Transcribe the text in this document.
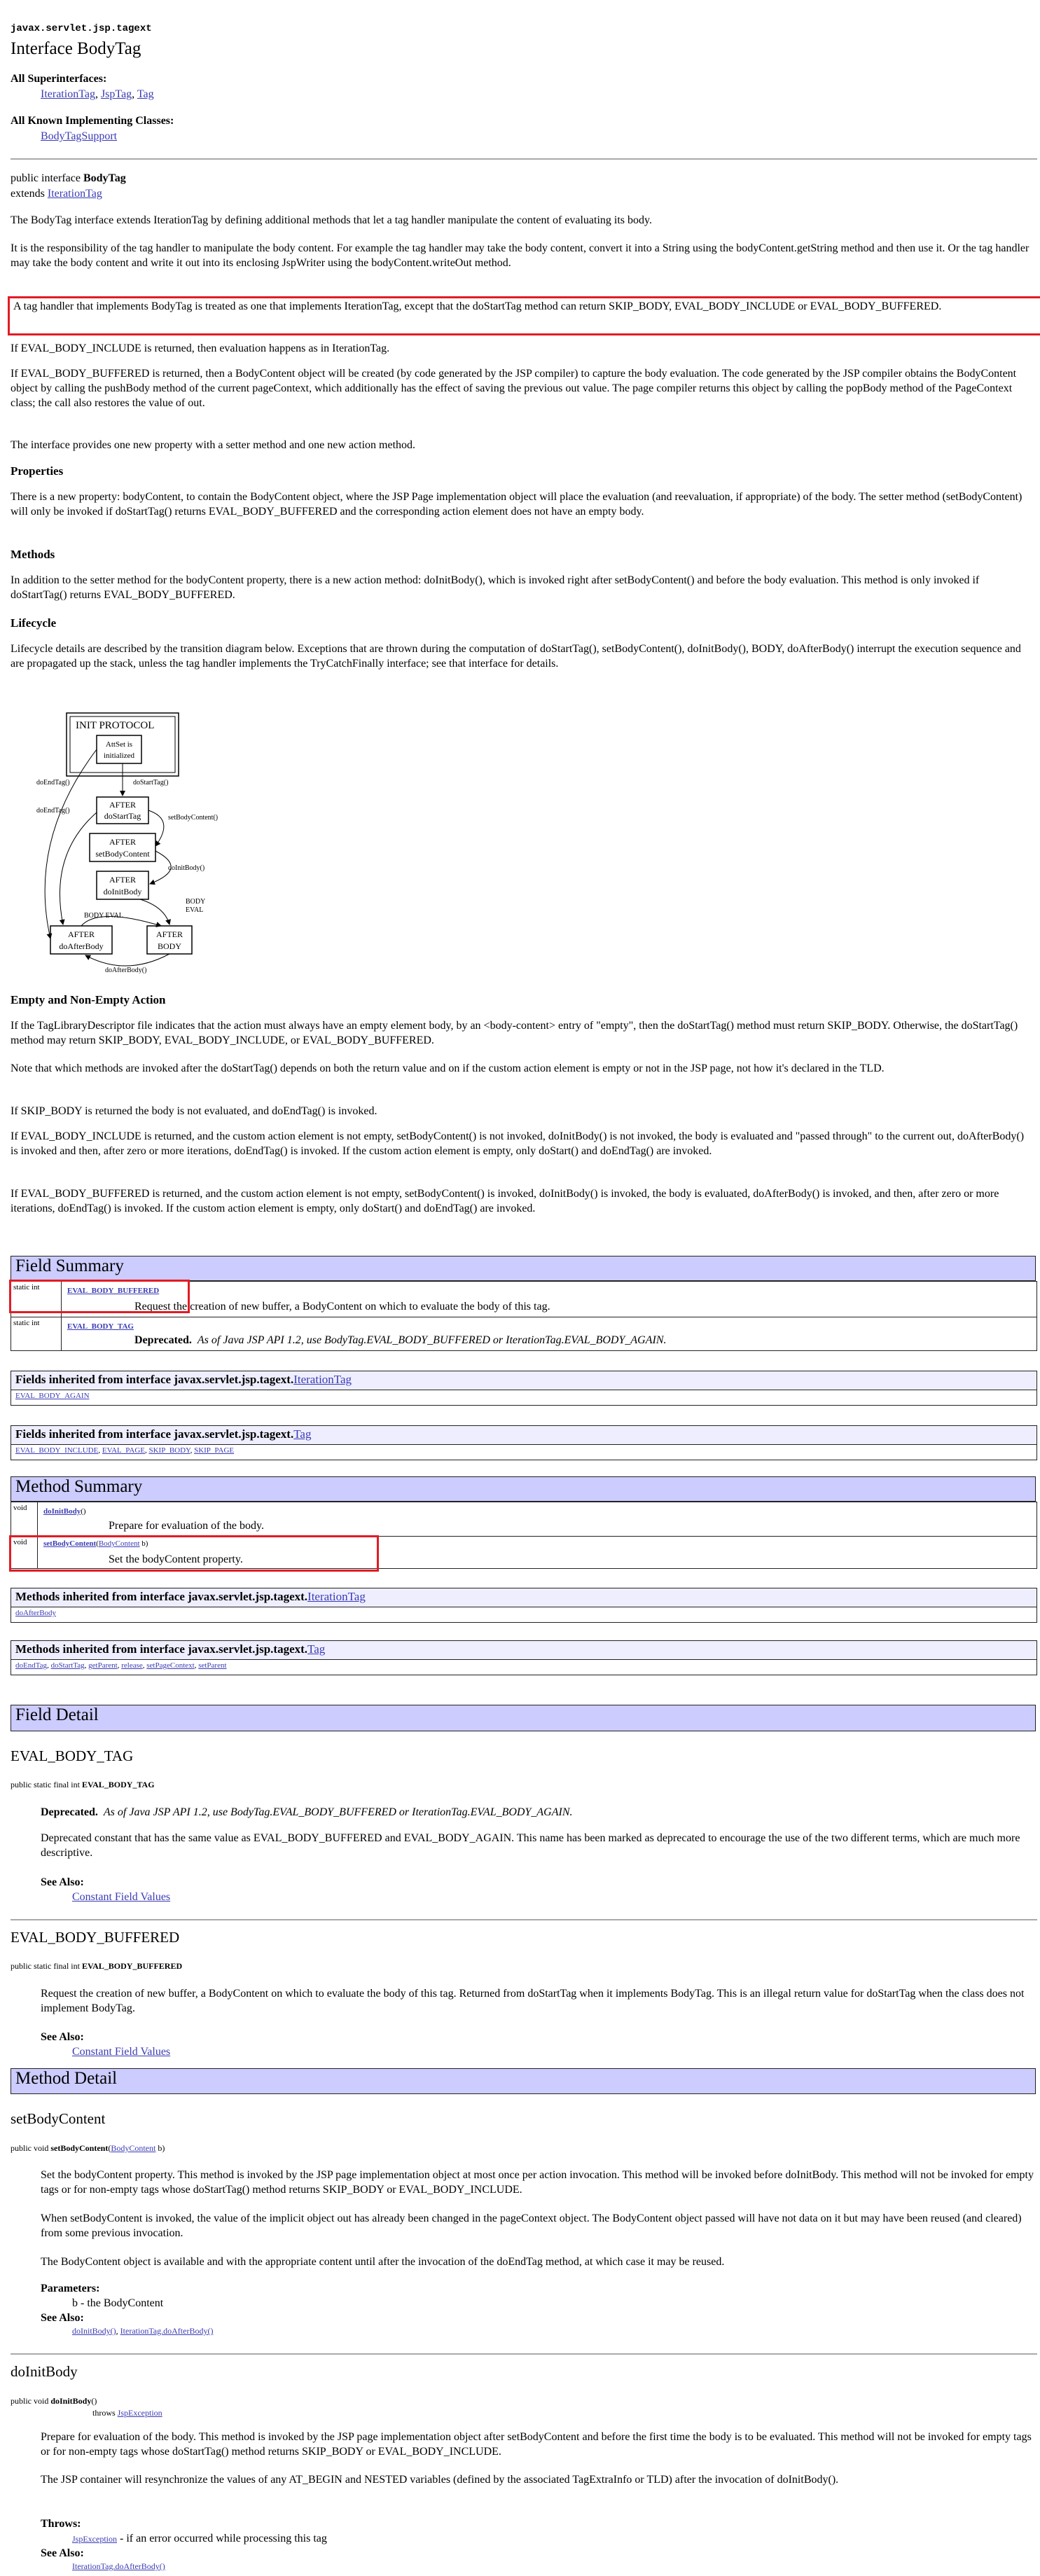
javax.servlet.jsp.tagext
Interface BodyTag
All Superinterfaces:
IterationTag, JspTag, Tag
All Known Implementing Classes:
BodyTagSupport
public interface BodyTag
extends IterationTag
The BodyTag interface extends IterationTag by defining additional methods that let a tag handler manipulate the content of evaluating its body.
It is the responsibility of the tag handler to manipulate the body content. For example the tag handler may take the body content, convert it into a String using the bodyContent.getString method and then use it. Or the tag handler may take the body content and write it out into its enclosing JspWriter using the bodyContent.writeOut method.
A tag handler that implements BodyTag is treated as one that implements IterationTag, except that the doStartTag method can return SKIP_BODY, EVAL_BODY_INCLUDE or EVAL_BODY_BUFFERED.
If EVAL_BODY_INCLUDE is returned, then evaluation happens as in IterationTag.
If EVAL_BODY_BUFFERED is returned, then a BodyContent object will be created (by code generated by the JSP compiler) to capture the body evaluation. The code generated by the JSP compiler obtains the BodyContent object by calling the pushBody method of the current pageContext, which additionally has the effect of saving the previous out value. The page compiler returns this object by calling the popBody method of the PageContext class; the call also restores the value of out.
The interface provides one new property with a setter method and one new action method.
Properties
There is a new property: bodyContent, to contain the BodyContent object, where the JSP Page implementation object will place the evaluation (and reevaluation, if appropriate) of the body. The setter method (setBodyContent) will only be invoked if doStartTag() returns EVAL_BODY_BUFFERED and the corresponding action element does not have an empty body.
Methods
In addition to the setter method for the bodyContent property, there is a new action method: doInitBody(), which is invoked right after setBodyContent() and before the body evaluation. This method is only invoked if doStartTag() returns EVAL_BODY_BUFFERED.
Lifecycle
Lifecycle details are described by the transition diagram below. Exceptions that are thrown during the computation of doStartTag(), setBodyContent(), doInitBody(), BODY, doAfterBody() interrupt the execution sequence and are propagated up the stack, unless the tag handler implements the TryCatchFinally interface; see that interface for details.
INIT PROTOCOL
AttSet is
initialized
AFTER
doStartTag
doStartTag()
AFTER
setBodyContent
setBodyContent()
AFTER
doInitBody
doInitBody()
AFTER
doAfterBody
AFTER
BODY
BODY
EVAL
BODY EVAL
doAfterBody()
doEndTag()
doEndTag()
Empty and Non-Empty Action
If the TagLibraryDescriptor file indicates that the action must always have an empty element body, by an <body-content> entry of "empty", then the doStartTag() method must return SKIP_BODY. Otherwise, the doStartTag() method may return SKIP_BODY, EVAL_BODY_INCLUDE, or EVAL_BODY_BUFFERED.
Note that which methods are invoked after the doStartTag() depends on both the return value and on if the custom action element is empty or not in the JSP page, not how it's declared in the TLD.
If SKIP_BODY is returned the body is not evaluated, and doEndTag() is invoked.
If EVAL_BODY_INCLUDE is returned, and the custom action element is not empty, setBodyContent() is not invoked, doInitBody() is not invoked, the body is evaluated and "passed through" to the current out, doAfterBody() is invoked and then, after zero or more iterations, doEndTag() is invoked. If the custom action element is empty, only doStart() and doEndTag() are invoked.
If EVAL_BODY_BUFFERED is returned, and the custom action element is not empty, setBodyContent() is invoked, doInitBody() is invoked, the body is evaluated, doAfterBody() is invoked, and then, after zero or more iterations, doEndTag() is invoked. If the custom action element is empty, only doStart() and doEndTag() are invoked.
Field Summary
static int	EVAL_BODY_BUFFERED
Request the creation of new buffer, a BodyContent on which to evaluate the body of this tag.
static int	EVAL_BODY_TAG
Deprecated. As of Java JSP API 1.2, use BodyTag.EVAL_BODY_BUFFERED or IterationTag.EVAL_BODY_AGAIN.
Fields inherited from interface javax.servlet.jsp.tagext.IterationTag
EVAL_BODY_AGAIN
Fields inherited from interface javax.servlet.jsp.tagext.Tag
EVAL_BODY_INCLUDE, EVAL_PAGE, SKIP_BODY, SKIP_PAGE
Method Summary
void	doInitBody()
Prepare for evaluation of the body.
void	setBodyContent(BodyContent b)
Set the bodyContent property.
Methods inherited from interface javax.servlet.jsp.tagext.IterationTag
doAfterBody
Methods inherited from interface javax.servlet.jsp.tagext.Tag
doEndTag, doStartTag, getParent, release, setPageContext, setParent
Field Detail
EVAL_BODY_TAG
public static final int EVAL_BODY_TAG
Deprecated. As of Java JSP API 1.2, use BodyTag.EVAL_BODY_BUFFERED or IterationTag.EVAL_BODY_AGAIN.
Deprecated constant that has the same value as EVAL_BODY_BUFFERED and EVAL_BODY_AGAIN. This name has been marked as deprecated to encourage the use of the two different terms, which are much more descriptive.
See Also:
Constant Field Values
EVAL_BODY_BUFFERED
public static final int EVAL_BODY_BUFFERED
Request the creation of new buffer, a BodyContent on which to evaluate the body of this tag. Returned from doStartTag when it implements BodyTag. This is an illegal return value for doStartTag when the class does not implement BodyTag.
See Also:
Constant Field Values
Method Detail
setBodyContent
public void setBodyContent(BodyContent b)
Set the bodyContent property. This method is invoked by the JSP page implementation object at most once per action invocation. This method will be invoked before doInitBody. This method will not be invoked for empty tags or for non-empty tags whose doStartTag() method returns SKIP_BODY or EVAL_BODY_INCLUDE.
When setBodyContent is invoked, the value of the implicit object out has already been changed in the pageContext object. The BodyContent object passed will have not data on it but may have been reused (and cleared) from some previous invocation.
The BodyContent object is available and with the appropriate content until after the invocation of the doEndTag method, at which case it may be reused.
Parameters:
b - the BodyContent
See Also:
doInitBody(), IterationTag.doAfterBody()
doInitBody
public void doInitBody()
throws JspException
Prepare for evaluation of the body. This method is invoked by the JSP page implementation object after setBodyContent and before the first time the body is to be evaluated. This method will not be invoked for empty tags or for non-empty tags whose doStartTag() method returns SKIP_BODY or EVAL_BODY_INCLUDE.
The JSP container will resynchronize the values of any AT_BEGIN and NESTED variables (defined by the associated TagExtraInfo or TLD) after the invocation of doInitBody().
Throws:
JspException - if an error occurred while processing this tag
See Also:
IterationTag.doAfterBody()
